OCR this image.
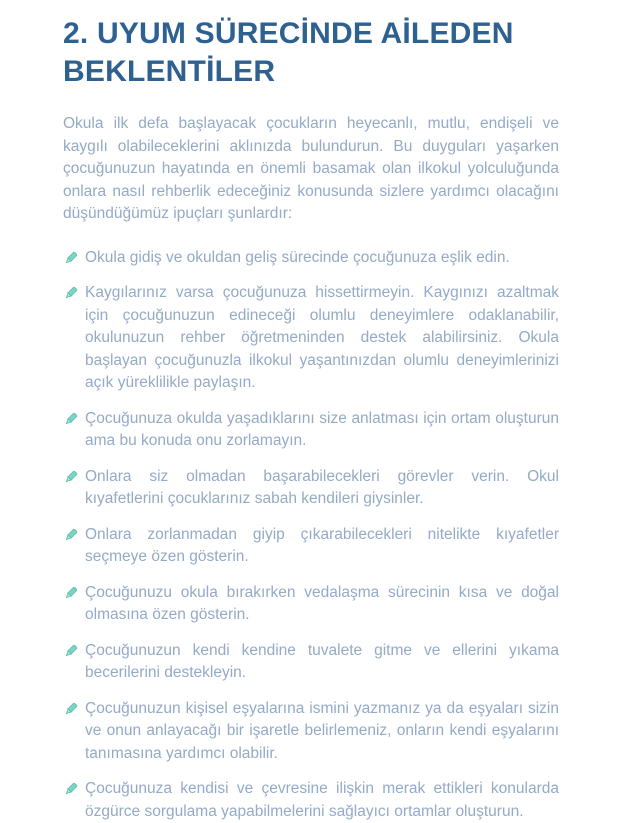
2. UYUM SÜRECİNDE AİLEDEN BEKLENTİLER

Okula ilk defa başlayacak çocukların heyecanlı, mutlu, endişeli ve kaygılı olabileceklerini aklınızda bulundurun. Bu duyguları yaşarken çocuğunuzun hayatında en önemli basamak olan ilkokul yolculuğunda onlara nasıl rehberlik edeceğiniz konusunda sizlere yardımcı olacağını düşündüğümüz ipuçları şunlardır:

Okula gidiş ve okuldan geliş sürecinde çocuğunuza eşlik edin.
Kaygılarınız varsa çocuğunuza hissettirmeyin. Kaygınızı azaltmak için çocuğunuzun edineceği olumlu deneyimlere odaklanabilir, okulunuzun rehber öğretmeninden destek alabilirsiniz. Okula başlayan çocuğunuzla ilkokul yaşantınızdan olumlu deneyimlerinizi açık yüreklilikle paylaşın.
Çocuğunuza okulda yaşadıklarını size anlatması için ortam oluşturun ama bu konuda onu zorlamayın.
Onlara siz olmadan başarabilecekleri görevler verin. Okul kıyafetlerini çocuklarınız sabah kendileri giysinler.
Onlara zorlanmadan giyip çıkarabilecekleri nitelikte kıyafetler seçmeye özen gösterin.
Çocuğunuzu okula bırakırken vedalaşma sürecinin kısa ve doğal olmasına özen gösterin.
Çocuğunuzun kendi kendine tuvalete gitme ve ellerini yıkama becerilerini destekleyin.
Çocuğunuzun kişisel eşyalarına ismini yazmanız ya da eşyaları sizin ve onun anlayacağı bir işaretle belirlemeniz, onların kendi eşyalarını tanımasına yardımcı olabilir.
Çocuğunuza kendisi ve çevresine ilişkin merak ettikleri konularda özgürce sorgulama yapabilmelerini sağlayıcı ortamlar oluşturun.
